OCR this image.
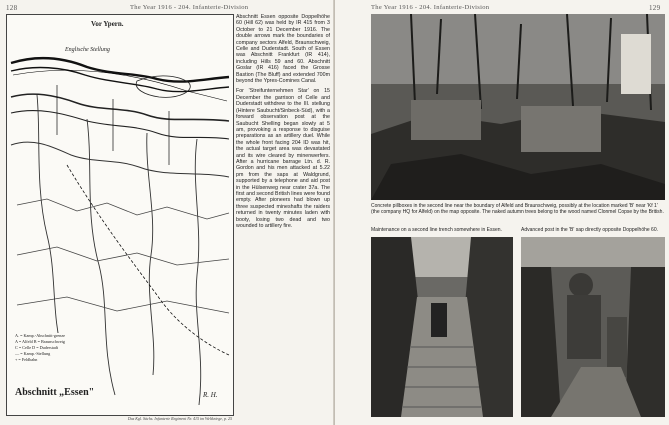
128	The Year 1916 - 204. Infanterie-Division
Vor Ypern.
Englische Stellung
A. = Kamp.-Abschnitt-grenze
A = Alfeld B = Braunschweig
C = Celle D = Duderstadt
— = Kamp.-Stellung
+ = Feldbahn
Abschnitt „Essen"	R. H.
Das Kgl. Sächs. Infanterie Regiment Nr. 415 im Weltkriege, p. 25

Abschnitt Essen opposite Doppelhöhe 60 (Hill 62) was held by IR 415 from 3 October to 21 December 1916. The double arrows mark the boundaries of company sectors Alfeld, Braunschweig, Celle and Duderstadt. South of Essen was Abschnitt Frankfurt (IR 414), including Hills 59 and 60. Abschnitt Goslar (IR 416) faced the Grosse Bastion (The Bluff) and extended 700m beyond the Ypres-Comines Canal.

For 'Streifunternehmen Star' on 15 December the garrison of Celle and Duderstadt withdrew to the III. stellung (Hintere Saubucht/Sinbeck-Süd), with a forward observation post at the Saubucht Shelling began slowly at 5 am, provoking a response to disguise preparations as an artillery duel. While the whole front facing 204 ID was hit, the actual target area was devastated and its wire cleared by minenwerfers. After a hurricane barrage Ltn. d. R. Gordon and his men attacked at 5.22 pm from the saps at Waldgrund, supported by a telephone and aid post in the Hülsenweg near crater 37a. The first and second British lines were found empty. After pioneers had blown up three suspected mineshafts the raiders returned in twenty minutes laden with booty, losing two dead and two wounded to artillery fire.

The Year 1916 - 204. Infanterie-Division	129
Concrete pillboxes in the second line near the boundary of Alfeld and Braunschweig, possibly at the location marked 'B' near 'Kf 1' (the company HQ for Alfeld) on the map opposite. The naked autumn trees belong to the wood named Clonmel Copse by the British.
Maintenance on a second line trench somewhere in Essen.	Advanced post in the 'B' sap directly opposite Doppelhöhe 60.
